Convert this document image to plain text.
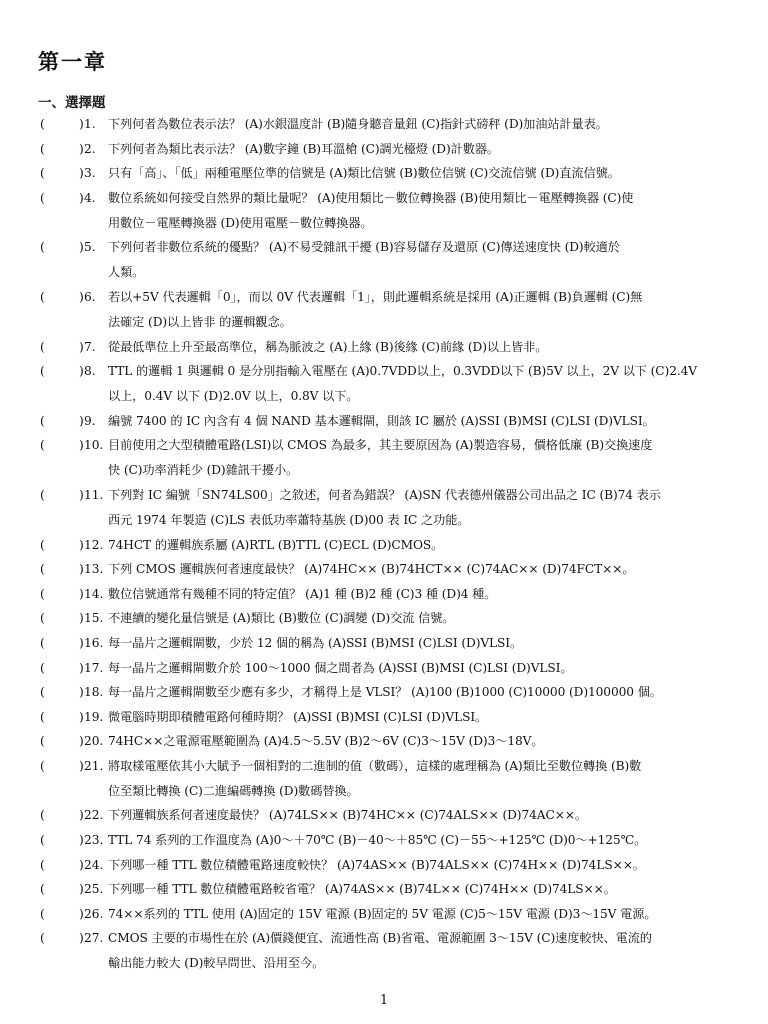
第一章
一、選擇題
(	) 1.	下列何者為數位表示法？ (A)水銀溫度計 (B)隨身聽音量鈕 (C)指針式磅秤 (D)加油站計量表。
(	) 2.	下列何者為類比表示法？ (A)數字鐘 (B)耳溫槍 (C)調光檯燈 (D)計數器。
(	) 3.	只有「高」、「低」兩種電壓位準的信號是 (A)類比信號 (B)數位信號 (C)交流信號 (D)直流信號。
(	) 4.	數位系統如何接受自然界的類比量呢？ (A)使用類比－數位轉換器 (B)使用類比－電壓轉換器 (C)使
用數位－電壓轉換器 (D)使用電壓－數位轉換器。
(	) 5.	下列何者非數位系統的優點？ (A)不易受雜訊干擾 (B)容易儲存及還原 (C)傳送速度快 (D)較適於
人類。
(	) 6.	若以+5V 代表邏輯「0」，而以 0V 代表邏輯「1」，則此邏輯系統是採用 (A)正邏輯 (B)負邏輯 (C)無
法確定 (D)以上皆非 的邏輯觀念。
(	) 7.	從最低準位上升至最高準位，稱為脈波之 (A)上緣 (B)後緣 (C)前緣 (D)以上皆非。
(	) 8.	TTL 的邏輯 1 與邏輯 0 是分別指輸入電壓在 (A)0.7VDD以上，0.3VDD以下 (B)5V 以上，2V 以下 (C)2.4V
以上，0.4V 以下 (D)2.0V 以上，0.8V 以下。
(	) 9.	編號 7400 的 IC 內含有 4 個 NAND 基本邏輯閘，則該 IC 屬於 (A)SSI (B)MSI (C)LSI (D)VLSI。
(	) 10. 目前使用之大型積體電路(LSI)以 CMOS 為最多，其主要原因為 (A)製造容易，價格低廉 (B)交換速度
快 (C)功率消耗少 (D)雜訊干擾小。
(	) 11. 下列對 IC 編號「SN74LS00」之敘述，何者為錯誤？ (A)SN 代表德州儀器公司出品之 IC (B)74 表示
西元 1974 年製造 (C)LS 表低功率蕭特基族 (D)00 表 IC 之功能。
(	) 12. 74HCT 的邏輯族系屬 (A)RTL (B)TTL (C)ECL (D)CMOS。
(	) 13. 下列 CMOS 邏輯族何者速度最快？ (A)74HC×× (B)74HCT×× (C)74AC×× (D)74FCT××。
(	) 14. 數位信號通常有幾種不同的特定值？ (A)1 種 (B)2 種 (C)3 種 (D)4 種。
(	) 15. 不連續的變化量信號是 (A)類比 (B)數位 (C)調變 (D)交流 信號。
(	) 16. 每一晶片之邏輯閘數，少於 12 個的稱為 (A)SSI (B)MSI (C)LSI (D)VLSI。
(	) 17. 每一晶片之邏輯閘數介於 100～1000 個之間者為 (A)SSI (B)MSI (C)LSI (D)VLSI。
(	) 18. 每一晶片之邏輯閘數至少應有多少，才稱得上是 VLSI？ (A)100 (B)1000 (C)10000 (D)100000 個。
(	) 19. 微電腦時期即積體電路何種時期？ (A)SSI (B)MSI (C)LSI (D)VLSI。
(	) 20. 74HC××之電源電壓範圍為 (A)4.5～5.5V (B)2～6V (C)3～15V (D)3～18V。
(	) 21. 將取樣電壓依其小大賦予一個相對的二進制的值（數碼），這樣的處理稱為 (A)類比至數位轉換 (B)數
位至類比轉換 (C)二進編碼轉換 (D)數碼替換。
(	) 22. 下列邏輯族系何者速度最快？ (A)74LS×× (B)74HC×× (C)74ALS×× (D)74AC××。
(	) 23. TTL 74 系列的工作溫度為 (A)0～＋70℃ (B)－40～＋85℃ (C)－55～+125℃ (D)0～+125℃。
(	) 24. 下列哪一種 TTL 數位積體電路速度較快？ (A)74AS×× (B)74ALS×× (C)74H×× (D)74LS××。
(	) 25. 下列哪一種 TTL 數位積體電路較省電？ (A)74AS×× (B)74L×× (C)74H×× (D)74LS××。
(	) 26. 74××系列的 TTL 使用 (A)固定的 15V 電源 (B)固定的 5V 電源 (C)5～15V 電源 (D)3～15V 電源。
(	) 27. CMOS 主要的市場性在於 (A)價錢便宜、流通性高 (B)省電、電源範圍 3～15V (C)速度較快、電流的
輸出能力較大 (D)較早問世、沿用至今。
1
